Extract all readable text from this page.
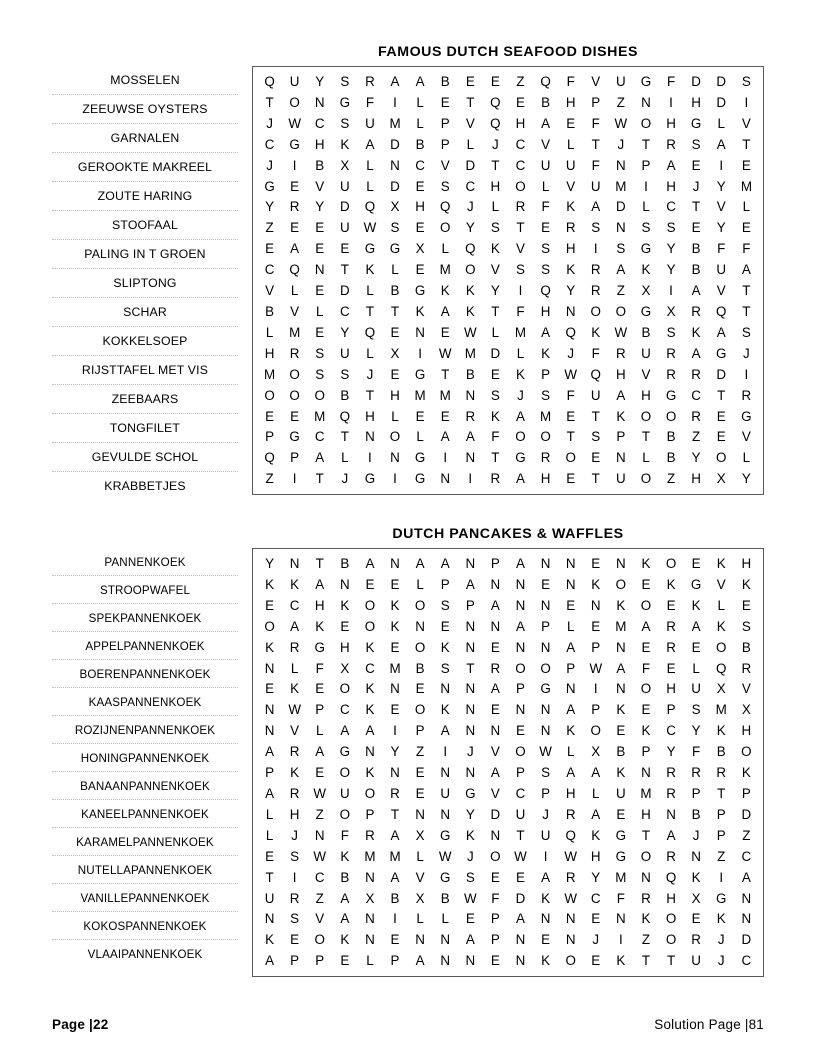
MOSSELEN
ZEEUWSE OYSTERS
GARNALEN
GEROOKTE MAKREEL
ZOUTE HARING
STOOFAAL
PALING IN T GROEN
SLIPTONG
SCHAR
KOKKELSOEP
RIJSTTAFEL MET VIS
ZEEBAARS
TONGFILET
GEVULDE SCHOL
KRABBETJES
FAMOUS DUTCH SEAFOOD DISHES
Q	U	Y	S	R	A	A	B	E	E	Z	Q	F	V	U	G	F	D	D	S
T	O	N	G	F	I	L	E	T	Q	E	B	H	P	Z	N	I	H	D	I
J	W	C	S	U	M	L	P	V	Q	H	A	E	F	W	O	H	G	L	V
C	G	H	K	A	D	B	P	L	J	C	V	L	T	J	T	R	S	A	T
J	I	B	X	L	N	C	V	D	T	C	U	U	F	N	P	A	E	I	E
G	E	V	U	L	D	E	S	C	H	O	L	V	U	M	I	H	J	Y	M
Y	R	Y	D	Q	X	H	Q	J	L	R	F	K	A	D	L	C	T	V	L
Z	E	E	U	W	S	E	O	Y	S	T	E	R	S	N	S	S	E	Y	E
E	A	E	E	G	G	X	L	Q	K	V	S	H	I	S	G	Y	B	F	F
C	Q	N	T	K	L	E	M	O	V	S	S	K	R	A	K	Y	B	U	A
V	L	E	D	L	B	G	K	K	Y	I	Q	Y	R	Z	X	I	A	V	T
B	V	L	C	T	T	K	A	K	T	F	H	N	O	O	G	X	R	Q	T
L	M	E	Y	Q	E	N	E	W	L	M	A	Q	K	W	B	S	K	A	S
H	R	S	U	L	X	I	W	M	D	L	K	J	F	R	U	R	A	G	J
M	O	S	S	J	E	G	T	B	E	K	P	W	Q	H	V	R	R	D	I
O	O	O	B	T	H	M	M	N	S	J	S	F	U	A	H	G	C	T	R
E	E	M	Q	H	L	E	E	R	K	A	M	E	T	K	O	O	R	E	G
P	G	C	T	N	O	L	A	A	F	O	O	T	S	P	T	B	Z	E	V
Q	P	A	L	I	N	G	I	N	T	G	R	O	E	N	L	B	Y	O	L
Z	I	T	J	G	I	G	N	I	R	A	H	E	T	U	O	Z	H	X	Y
PANNENKOEK
STROOPWAFEL
SPEKPANNENKOEK
APPELPANNENKOEK
BOERENPANNENKOEK
KAASPANNENKOEK
ROZIJNENPANNENKOEK
HONINGPANNENKOEK
BANAANPANNENKOEK
KANEELPANNENKOEK
KARAMELPANNENKOEK
NUTELLAPANNENKOEK
VANILLEPANNENKOEK
KOKOSPANNENKOEK
VLAAIPANNENKOEK
DUTCH PANCAKES & WAFFLES
Y	N	T	B	A	N	A	A	N	P	A	N	N	E	N	K	O	E	K	H
K	K	A	N	E	E	L	P	A	N	N	E	N	K	O	E	K	G	V	K
E	C	H	K	O	K	O	S	P	A	N	N	E	N	K	O	E	K	L	E
O	A	K	E	O	K	N	E	N	N	A	P	L	E	M	A	R	A	K	S
K	R	G	H	K	E	O	K	N	E	N	N	A	P	N	E	R	E	O	B
N	L	F	X	C	M	B	S	T	R	O	O	P	W	A	F	E	L	Q	R
E	K	E	O	K	N	E	N	N	A	P	G	N	I	N	O	H	U	X	V
N	W	P	C	K	E	O	K	N	E	N	N	A	P	K	E	P	S	M	X
N	V	L	A	A	I	P	A	N	N	E	N	K	O	E	K	C	Y	K	H
A	R	A	G	N	Y	Z	I	J	V	O	W	L	X	B	P	Y	F	B	O
P	K	E	O	K	N	E	N	N	A	P	S	A	A	K	N	R	R	R	K
A	R	W	U	O	R	E	U	G	V	C	P	H	L	U	M	R	P	T	P
L	H	Z	O	P	T	N	N	Y	D	U	J	R	A	E	H	N	B	P	D
L	J	N	F	R	A	X	G	K	N	T	U	Q	K	G	T	A	J	P	Z
E	S	W	K	M	M	L	W	J	O	W	I	W	H	G	O	R	N	Z	C
T	I	C	B	N	A	V	G	S	E	E	A	R	Y	M	N	Q	K	I	A
U	R	Z	A	X	B	X	B	W	F	D	K	W	C	F	R	H	X	G	N
N	S	V	A	N	I	L	L	E	P	A	N	N	E	N	K	O	E	K	N
K	E	O	K	N	E	N	N	A	P	N	E	N	J	I	Z	O	R	J	D
A	P	P	E	L	P	A	N	N	E	N	K	O	E	K	T	T	U	J	C
Page |22	Solution Page |81
